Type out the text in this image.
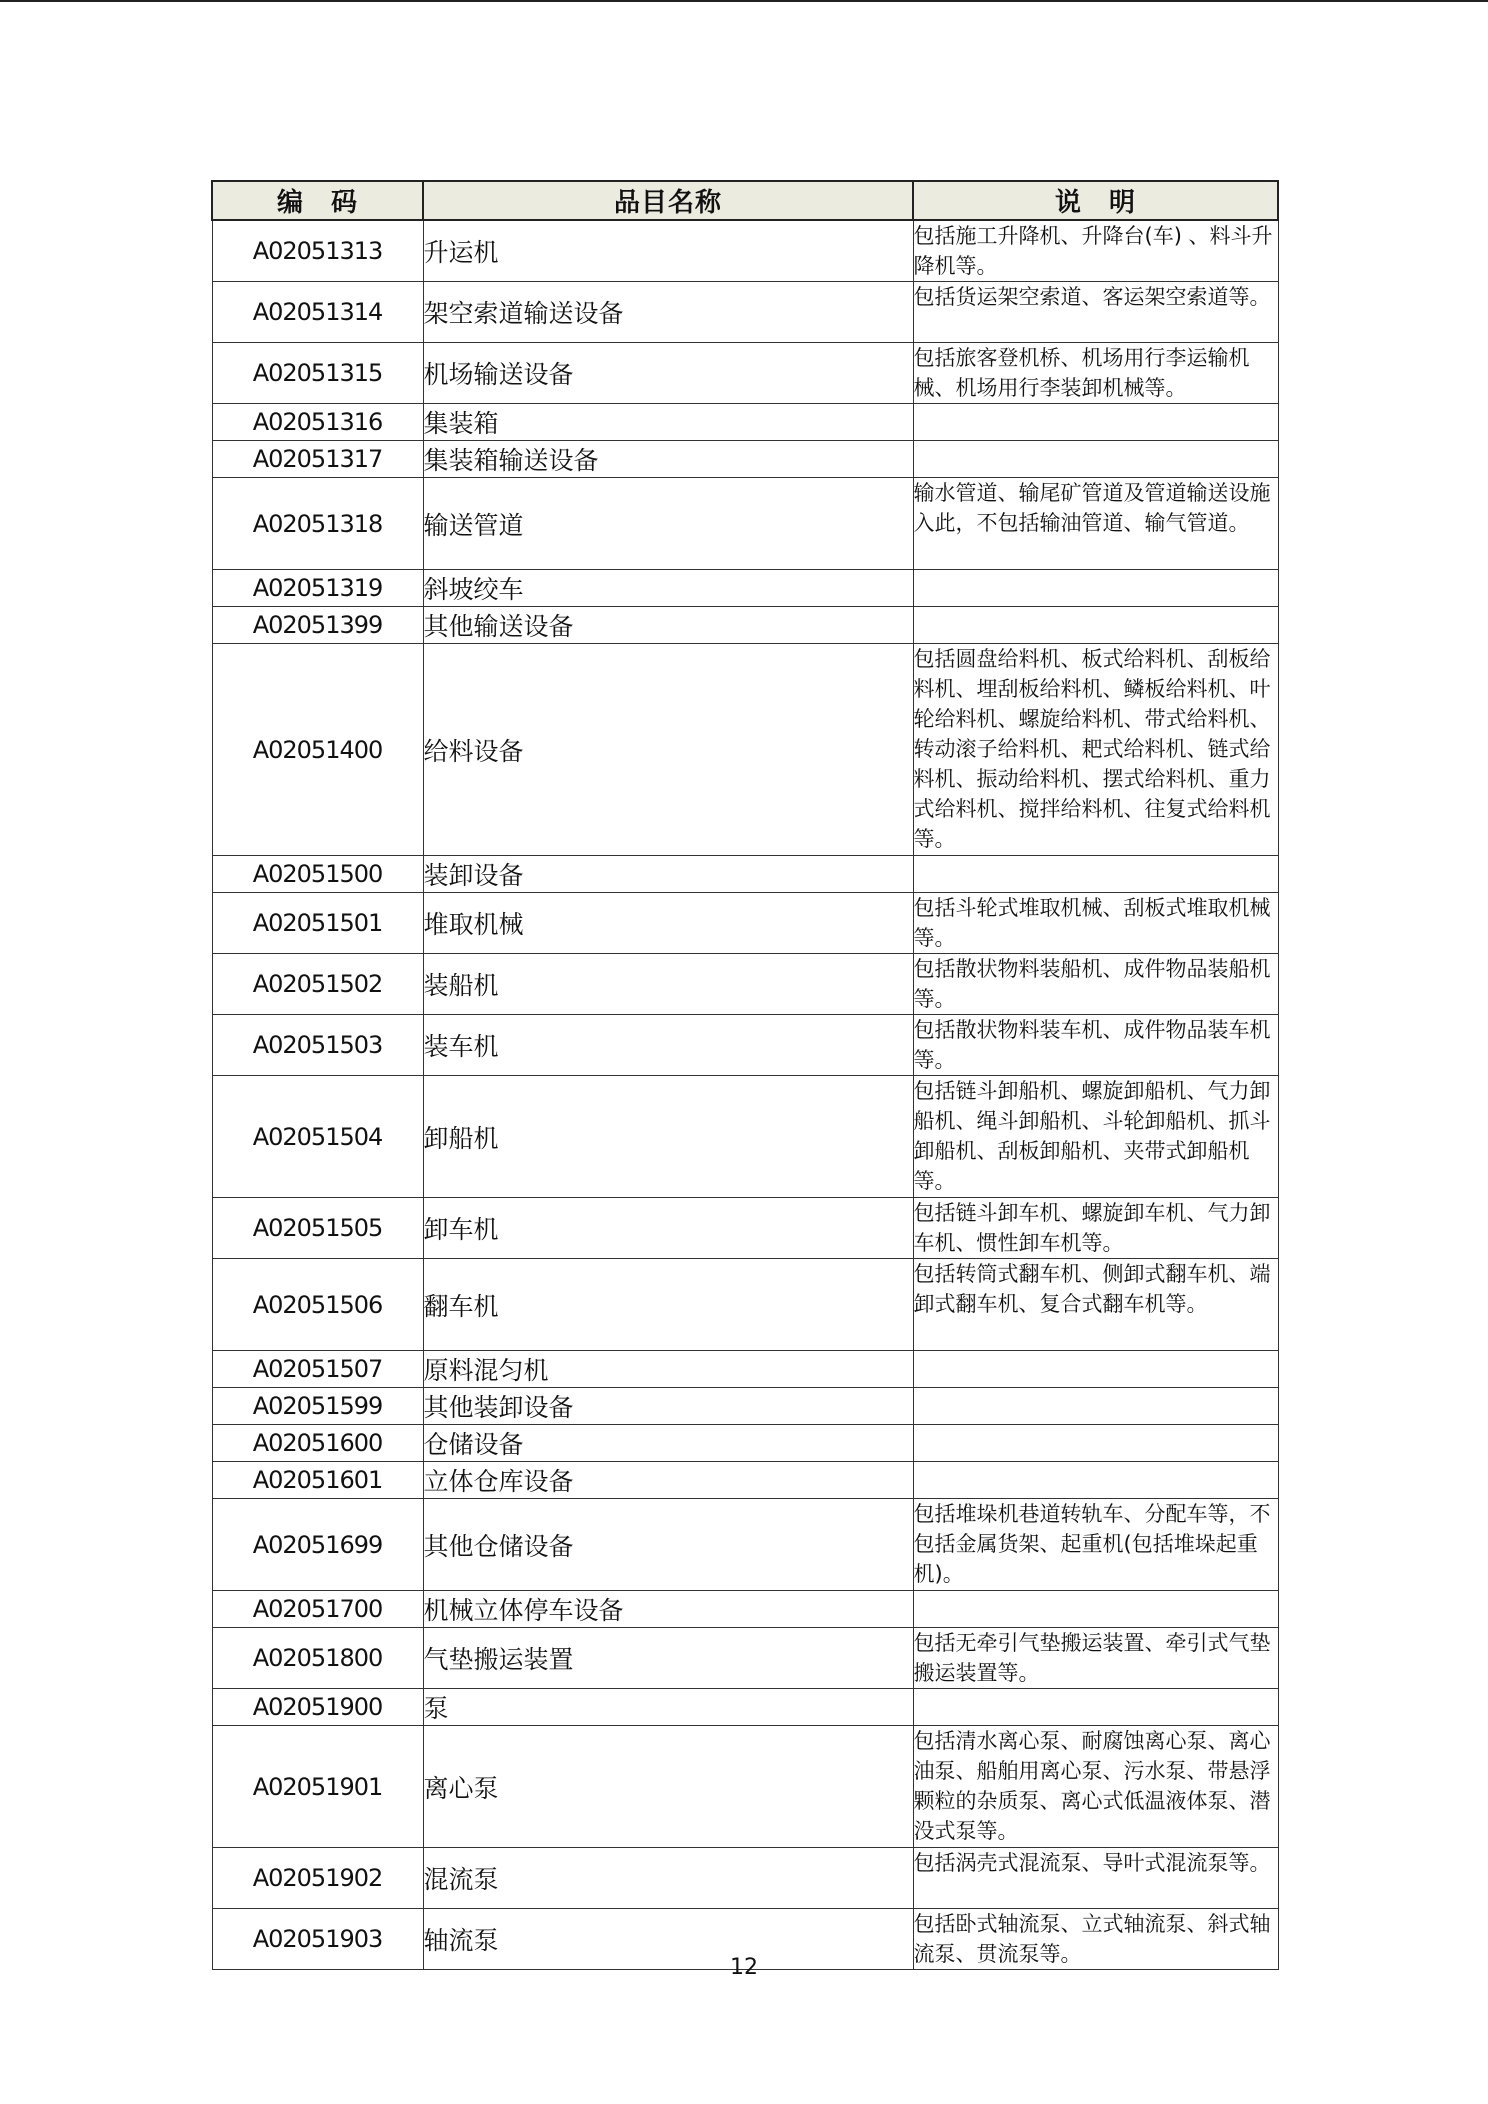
编　码	品目名称	说　明
A02051313	升运机	包括施工升降机、升降台(车) 、料斗升降机等。
A02051314	架空索道输送设备	包括货运架空索道、客运架空索道等。
A02051315	机场输送设备	包括旅客登机桥、机场用行李运输机械、机场用行李装卸机械等。
A02051316	集装箱	
A02051317	集装箱输送设备	
A02051318	输送管道	输水管道、输尾矿管道及管道输送设施入此，不包括输油管道、输气管道。
A02051319	斜坡绞车	
A02051399	其他输送设备	
A02051400	给料设备	包括圆盘给料机、板式给料机、刮板给料机、埋刮板给料机、鳞板给料机、叶轮给料机、螺旋给料机、带式给料机、转动滚子给料机、耙式给料机、链式给料机、振动给料机、摆式给料机、重力式给料机、搅拌给料机、往复式给料机等。
A02051500	装卸设备	
A02051501	堆取机械	包括斗轮式堆取机械、刮板式堆取机械等。
A02051502	装船机	包括散状物料装船机、成件物品装船机等。
A02051503	装车机	包括散状物料装车机、成件物品装车机等。
A02051504	卸船机	包括链斗卸船机、螺旋卸船机、气力卸船机、绳斗卸船机、斗轮卸船机、抓斗卸船机、刮板卸船机、夹带式卸船机等。
A02051505	卸车机	包括链斗卸车机、螺旋卸车机、气力卸车机、惯性卸车机等。
A02051506	翻车机	包括转筒式翻车机、侧卸式翻车机、端卸式翻车机、复合式翻车机等。
A02051507	原料混匀机	
A02051599	其他装卸设备	
A02051600	仓储设备	
A02051601	立体仓库设备	
A02051699	其他仓储设备	包括堆垛机巷道转轨车、分配车等，不包括金属货架、起重机(包括堆垛起重机)。
A02051700	机械立体停车设备	
A02051800	气垫搬运装置	包括无牵引气垫搬运装置、牵引式气垫搬运装置等。
A02051900	泵	
A02051901	离心泵	包括清水离心泵、耐腐蚀离心泵、离心油泵、船舶用离心泵、污水泵、带悬浮颗粒的杂质泵、离心式低温液体泵、潜没式泵等。
A02051902	混流泵	包括涡壳式混流泵、导叶式混流泵等。
A02051903	轴流泵	包括卧式轴流泵、立式轴流泵、斜式轴流泵、贯流泵等。
12
